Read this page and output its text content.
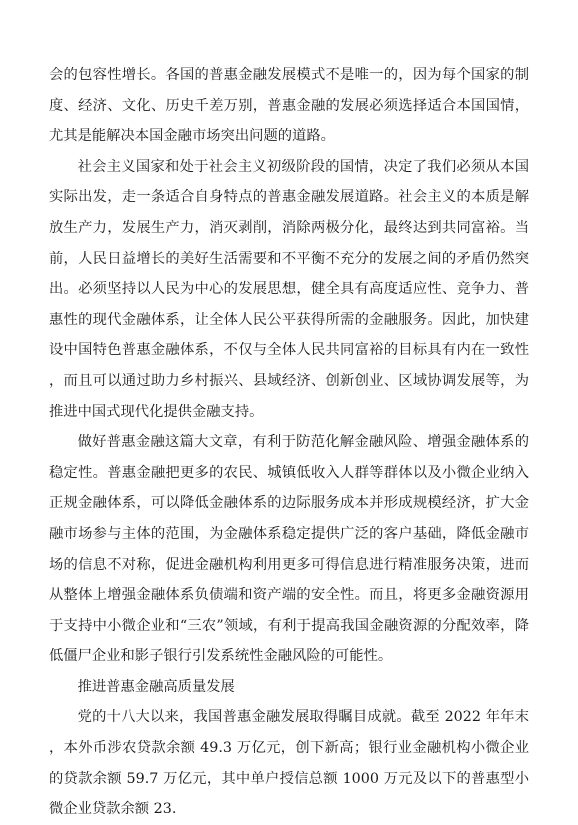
会的包容性增长。各国的普惠金融发展模式不是唯一的，因为每个国家的制度、经济、文化、历史千差万别，普惠金融的发展必须选择适合本国国情，尤其是能解决本国金融市场突出问题的道路。

社会主义国家和处于社会主义初级阶段的国情，决定了我们必须从本国实际出发，走一条适合自身特点的普惠金融发展道路。社会主义的本质是解放生产力，发展生产力，消灭剥削，消除两极分化，最终达到共同富裕。当前，人民日益增长的美好生活需要和不平衡不充分的发展之间的矛盾仍然突出。必须坚持以人民为中心的发展思想，健全具有高度适应性、竞争力、普惠性的现代金融体系，让全体人民公平获得所需的金融服务。因此，加快建设中国特色普惠金融体系，不仅与全体人民共同富裕的目标具有内在一致性，而且可以通过助力乡村振兴、县域经济、创新创业、区域协调发展等，为推进中国式现代化提供金融支持。

做好普惠金融这篇大文章，有利于防范化解金融风险、增强金融体系的稳定性。普惠金融把更多的农民、城镇低收入人群等群体以及小微企业纳入正规金融体系，可以降低金融体系的边际服务成本并形成规模经济，扩大金融市场参与主体的范围，为金融体系稳定提供广泛的客户基础，降低金融市场的信息不对称，促进金融机构利用更多可得信息进行精准服务决策，进而从整体上增强金融体系负债端和资产端的安全性。而且，将更多金融资源用于支持中小微企业和“三农”领域，有利于提高我国金融资源的分配效率，降低僵尸企业和影子银行引发系统性金融风险的可能性。

推进普惠金融高质量发展

党的十八大以来，我国普惠金融发展取得瞩目成就。截至 2022 年年末，本外币涉农贷款余额 49.3 万亿元，创下新高；银行业金融机构小微企业的贷款余额 59.7 万亿元，其中单户授信总额 1000 万元及以下的普惠型小微企业贷款余额 23.
